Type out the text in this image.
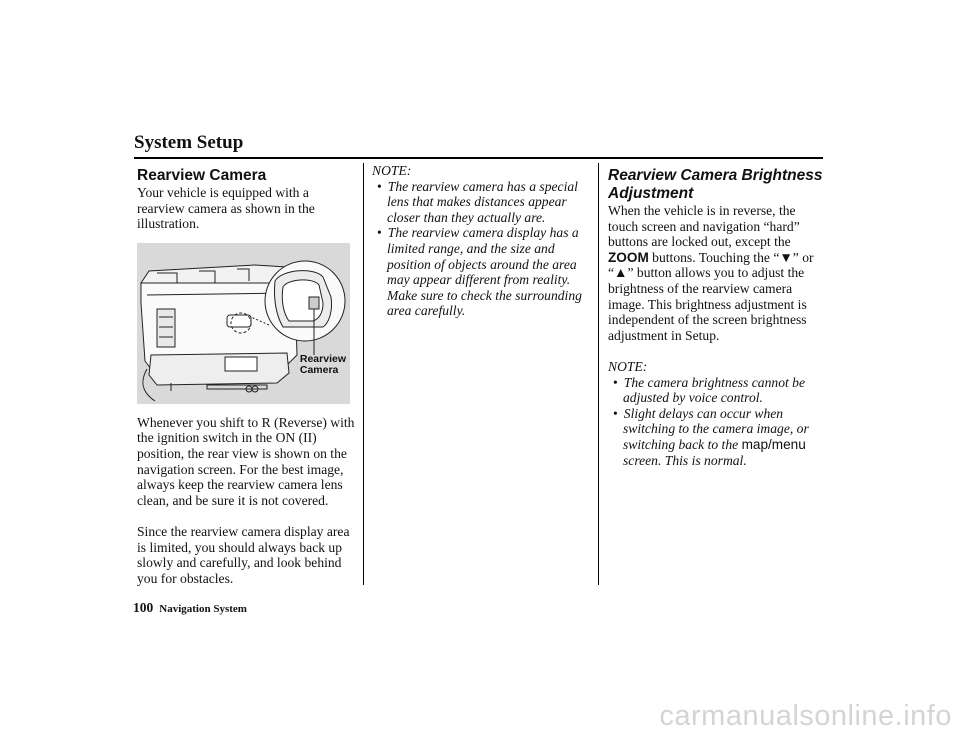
System Setup
Rearview Camera

Your vehicle is equipped with a rearview camera as shown in the illustration.

Rearview
Camera

Whenever you shift to R (Reverse) with the ignition switch in the ON (II) position, the rear view is shown on the navigation screen. For the best image, always keep the rearview camera lens clean, and be sure it is not covered.

Since the rearview camera display area is limited, you should always back up slowly and carefully, and look behind you for obstacles.

NOTE:

• The rearview camera has a special lens that makes distances appear closer than they actually are.
• The rearview camera display has a limited range, and the size and position of objects around the area may appear different from reality. Make sure to check the surrounding area carefully.
Rearview Camera Brightness Adjustment

When the vehicle is in reverse, the touch screen and navigation “hard” buttons are locked out, except the ZOOM buttons. Touching the “▼” or “▲” button allows you to adjust the brightness of the rearview camera image. This brightness adjustment is independent of the screen brightness adjustment in Setup.

NOTE:

• The camera brightness cannot be adjusted by voice control.
• Slight delays can occur when switching to the camera image, or switching back to the map/menu screen. This is normal.
100 Navigation System
carmanualsonline.info
